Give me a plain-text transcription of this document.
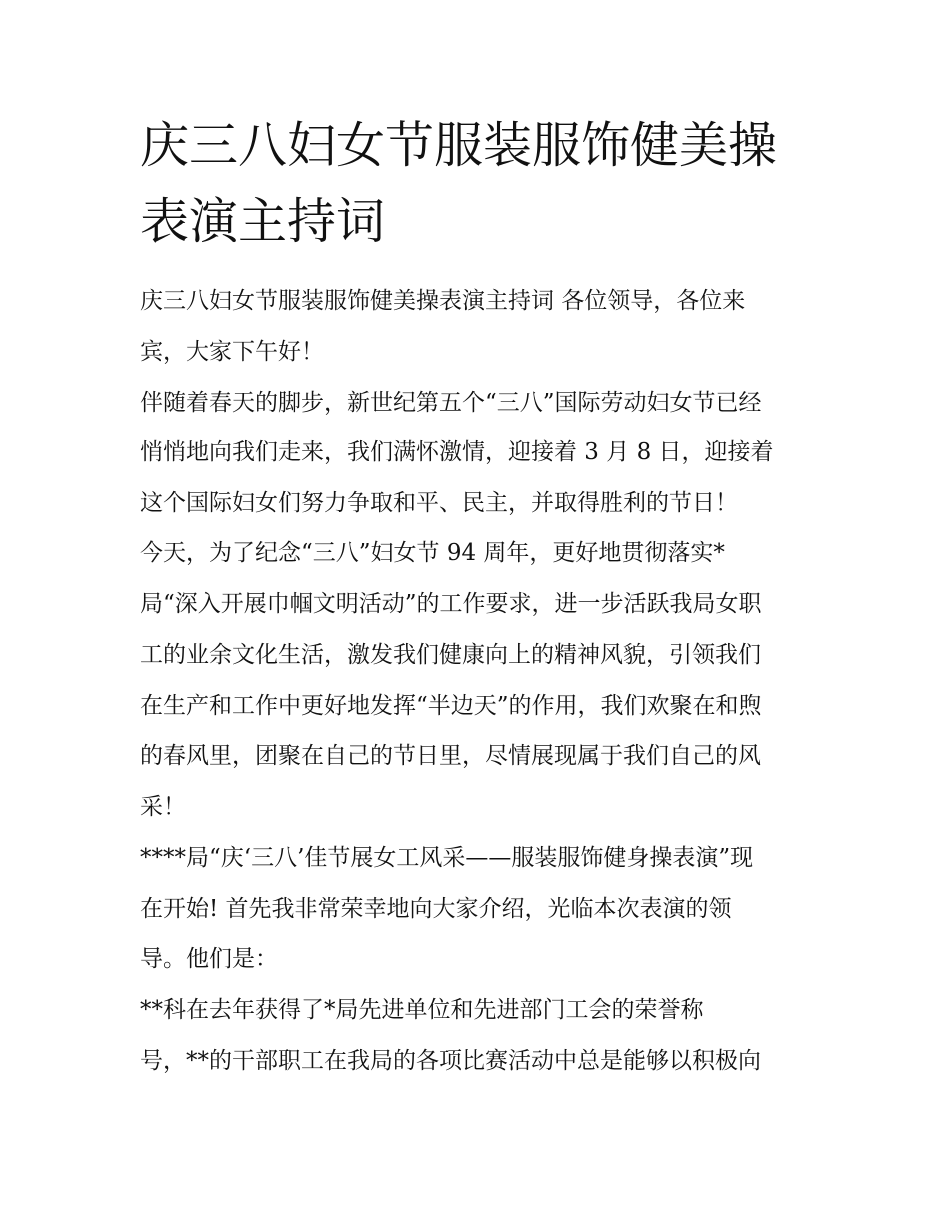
庆三八妇女节服装服饰健美操
表演主持词

庆三八妇女节服装服饰健美操表演主持词 各位领导，各位来

宾，大家下午好！

伴随着春天的脚步，新世纪第五个“三八”国际劳动妇女节已经

悄悄地向我们走来，我们满怀激情，迎接着 3 月 8 日，迎接着

这个国际妇女们努力争取和平、民主，并取得胜利的节日！

今天，为了纪念“三八”妇女节 94 周年，更好地贯彻落实*

局“深入开展巾帼文明活动”的工作要求，进一步活跃我局女职

工的业余文化生活，激发我们健康向上的精神风貌，引领我们

在生产和工作中更好地发挥“半边天”的作用，我们欢聚在和煦

的春风里，团聚在自己的节日里，尽情展现属于我们自己的风

采！

****局“庆‘三八’佳节展女工风采——服装服饰健身操表演”现

在开始! 首先我非常荣幸地向大家介绍，光临本次表演的领

导。他们是：

**科在去年获得了*局先进单位和先进部门工会的荣誉称

号，**的干部职工在我局的各项比赛活动中总是能够以积极向
